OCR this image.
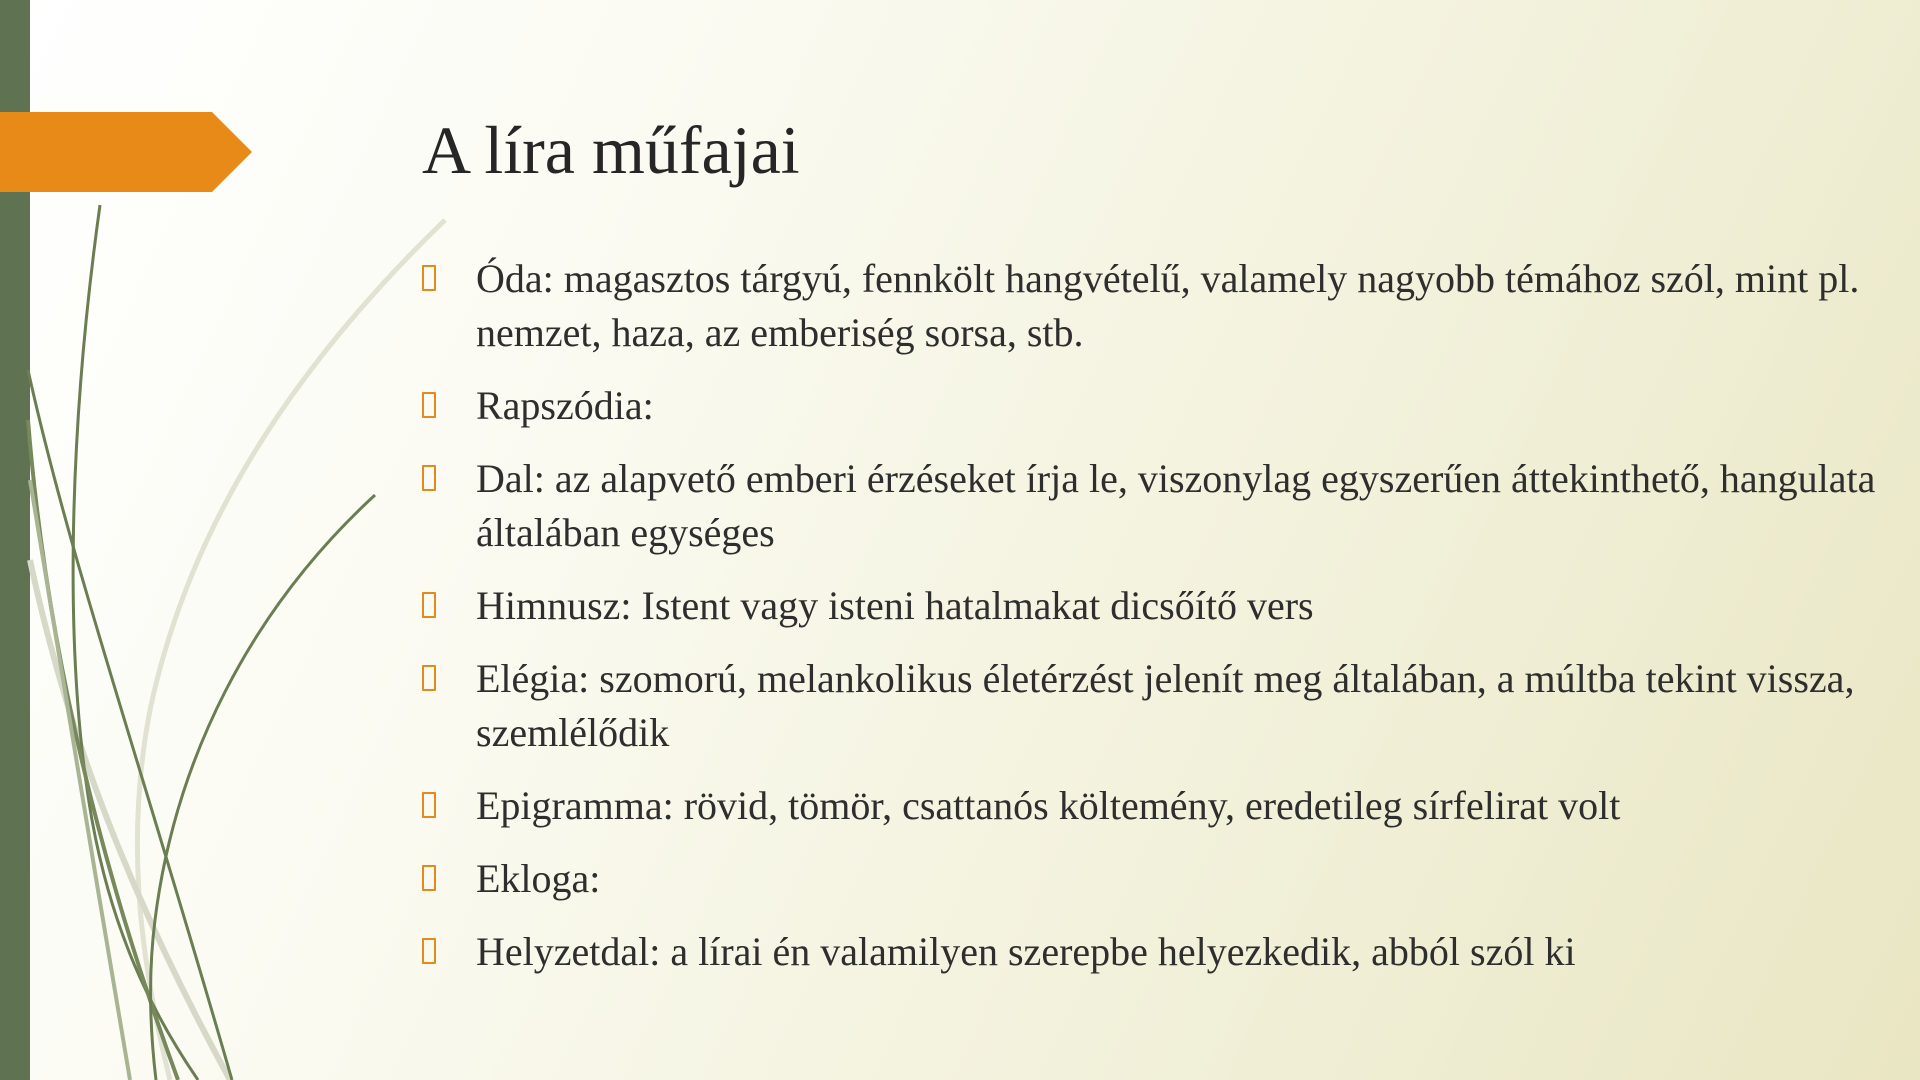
A líra műfajai
Óda: magasztos tárgyú, fennkölt hangvételű, valamely nagyobb témához szól, mint pl. nemzet, haza, az emberiség sorsa, stb.
Rapszódia:
Dal: az alapvető emberi érzéseket írja le, viszonylag egyszerűen áttekinthető, hangulata általában egységes
Himnusz: Istent vagy isteni hatalmakat dicsőítő vers
Elégia: szomorú, melankolikus életérzést jelenít meg általában, a múltba tekint vissza, szemlélődik
Epigramma: rövid, tömör, csattanós költemény, eredetileg sírfelirat volt
Ekloga:
Helyzetdal: a lírai én valamilyen szerepbe helyezkedik, abból szól ki
